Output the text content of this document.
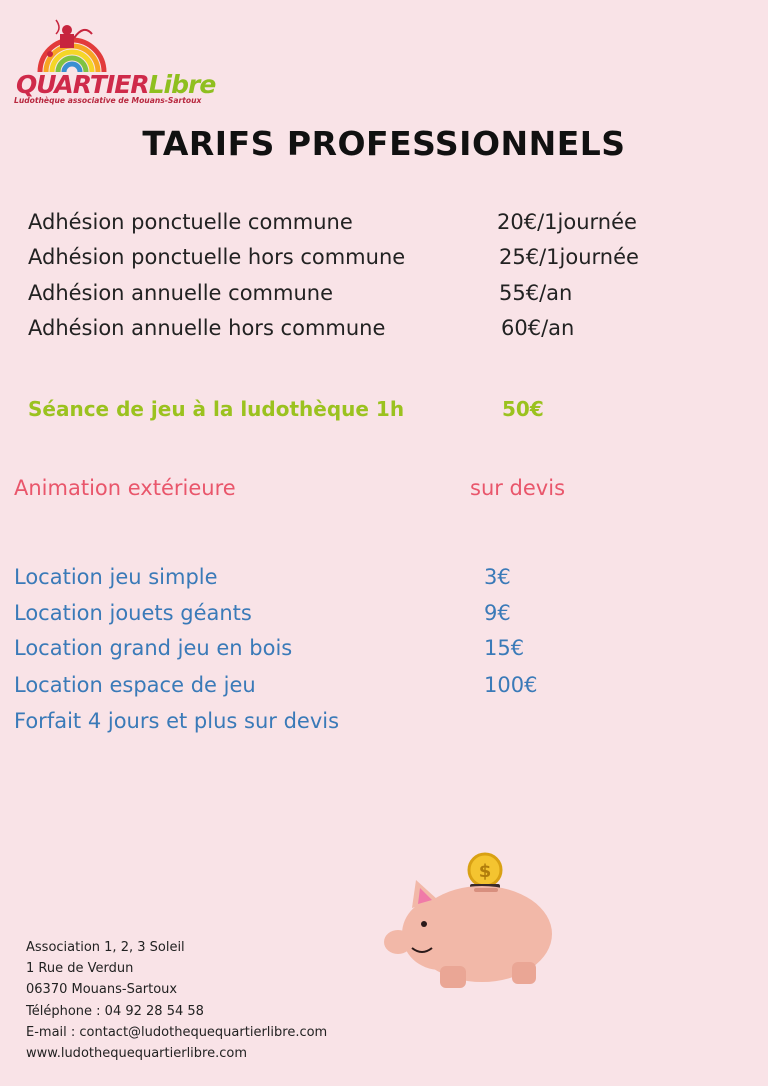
QUARTIERLibre
Ludothèque associative de Mouans-Sartoux
TARIFS PROFESSIONNELS
Adhésion ponctuelle commune	20€/1journée
Adhésion ponctuelle hors commune	25€/1journée
Adhésion annuelle commune	55€/an
Adhésion annuelle hors commune	60€/an
Séance de jeu à la ludothèque 1h	50€
Animation extérieure	sur devis
Location jeu simple	3€
Location jouets géants	9€
Location grand jeu en bois	15€
Location espace de jeu	100€
Forfait 4 jours et plus sur devis
$
Association 1, 2, 3 Soleil
1 Rue de Verdun
06370 Mouans-Sartoux
Téléphone : 04 92 28 54 58
E-mail : contact@ludothequequartierlibre.com
www.ludothequequartierlibre.com
